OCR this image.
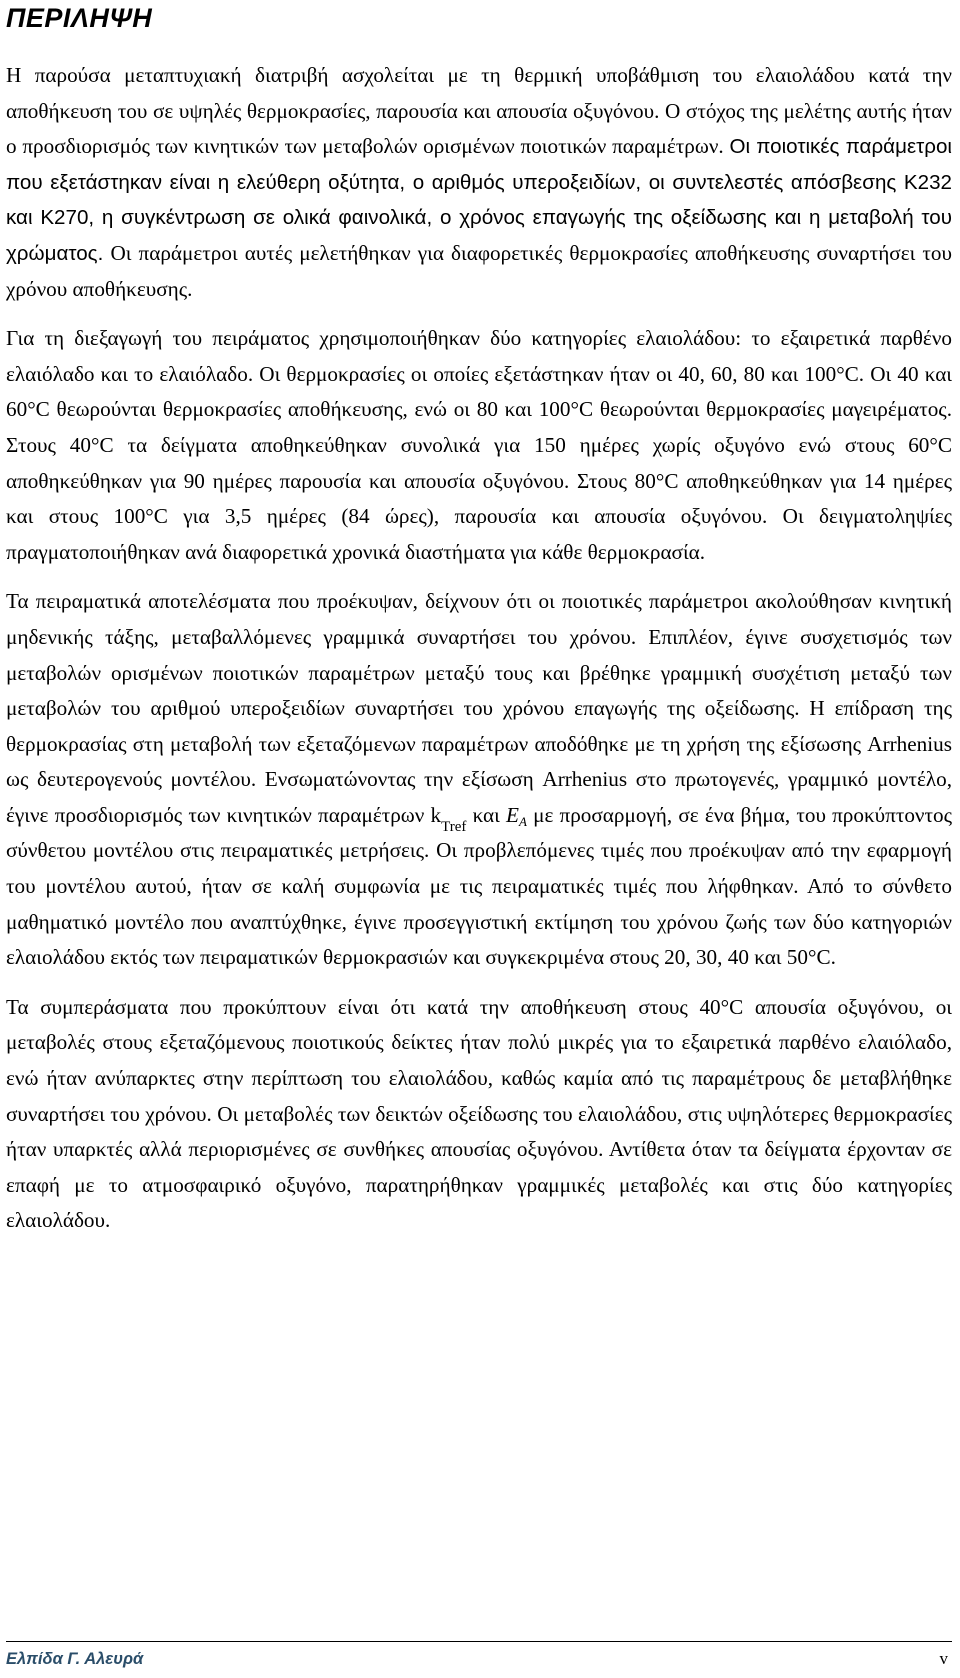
ΠΕΡΙΛΗΨΗ

Η παρούσα μεταπτυχιακή διατριβή ασχολείται με τη θερμική υποβάθμιση του ελαιολάδου κατά την αποθήκευση του σε υψηλές θερμοκρασίες, παρουσία και απουσία οξυγόνου. Ο στόχος της μελέτης αυτής ήταν ο προσδιορισμός των κινητικών των μεταβολών ορισμένων ποιοτικών παραμέτρων. Οι ποιοτικές παράμετροι που εξετάστηκαν είναι η ελεύθερη οξύτητα, ο αριθμός υπεροξειδίων, οι συντελεστές απόσβεσης Κ232 και Κ270, η συγκέντρωση σε ολικά φαινολικά, ο χρόνος επαγωγής της οξείδωσης και η μεταβολή του χρώματος. Οι παράμετροι αυτές μελετήθηκαν για διαφορετικές θερμοκρασίες αποθήκευσης συναρτήσει του χρόνου αποθήκευσης.

Για τη διεξαγωγή του πειράματος χρησιμοποιήθηκαν δύο κατηγορίες ελαιολάδου: το εξαιρετικά παρθένο ελαιόλαδο και το ελαιόλαδο. Οι θερμοκρασίες οι οποίες εξετάστηκαν ήταν οι 40, 60, 80 και 100°C. Οι 40 και 60°C θεωρούνται θερμοκρασίες αποθήκευσης, ενώ οι 80 και 100°C θεωρούνται θερμοκρασίες μαγειρέματος. Στους 40°C τα δείγματα αποθηκεύθηκαν συνολικά για 150 ημέρες χωρίς οξυγόνο ενώ στους 60°C αποθηκεύθηκαν για 90 ημέρες παρουσία και απουσία οξυγόνου. Στους 80°C αποθηκεύθηκαν για 14 ημέρες και στους 100°C για 3,5 ημέρες (84 ώρες), παρουσία και απουσία οξυγόνου. Οι δειγματοληψίες πραγματοποιήθηκαν ανά διαφορετικά χρονικά διαστήματα για κάθε θερμοκρασία.

Τα πειραματικά αποτελέσματα που προέκυψαν, δείχνουν ότι οι ποιοτικές παράμετροι ακολούθησαν κινητική μηδενικής τάξης, μεταβαλλόμενες γραμμικά συναρτήσει του χρόνου. Επιπλέον, έγινε συσχετισμός των μεταβολών ορισμένων ποιοτικών παραμέτρων μεταξύ τους και βρέθηκε γραμμική συσχέτιση μεταξύ των μεταβολών του αριθμού υπεροξειδίων συναρτήσει του χρόνου επαγωγής της οξείδωσης. Η επίδραση της θερμοκρασίας στη μεταβολή των εξεταζόμενων παραμέτρων αποδόθηκε με τη χρήση της εξίσωσης Arrhenius ως δευτερογενούς μοντέλου. Ενσωματώνοντας την εξίσωση Arrhenius στο πρωτογενές, γραμμικό μοντέλο, έγινε προσδιορισμός των κινητικών παραμέτρων $k_{Tref}$ και EA με προσαρμογή, σε ένα βήμα, του προκύπτοντος σύνθετου μοντέλου στις πειραματικές μετρήσεις. Οι προβλεπόμενες τιμές που προέκυψαν από την εφαρμογή του μοντέλου αυτού, ήταν σε καλή συμφωνία με τις πειραματικές τιμές που λήφθηκαν. Από το σύνθετο μαθηματικό μοντέλο που αναπτύχθηκε, έγινε προσεγγιστική εκτίμηση του χρόνου ζωής των δύο κατηγοριών ελαιολάδου εκτός των πειραματικών θερμοκρασιών και συγκεκριμένα στους 20, 30, 40 και 50°C.

Τα συμπεράσματα που προκύπτουν είναι ότι κατά την αποθήκευση στους 40°C απουσία οξυγόνου, οι μεταβολές στους εξεταζόμενους ποιοτικούς δείκτες ήταν πολύ μικρές για το εξαιρετικά παρθένο ελαιόλαδο, ενώ ήταν ανύπαρκτες στην περίπτωση του ελαιολάδου, καθώς καμία από τις παραμέτρους δε μεταβλήθηκε συναρτήσει του χρόνου. Οι μεταβολές των δεικτών οξείδωσης του ελαιολάδου, στις υψηλότερες θερμοκρασίες ήταν υπαρκτές αλλά περιορισμένες σε συνθήκες απουσίας οξυγόνου. Αντίθετα όταν τα δείγματα έρχονταν σε επαφή με το ατμοσφαιρικό οξυγόνο, παρατηρήθηκαν γραμμικές μεταβολές και στις δύο κατηγορίες ελαιολάδου.

Ελπίδα Γ. Αλευρά	v
